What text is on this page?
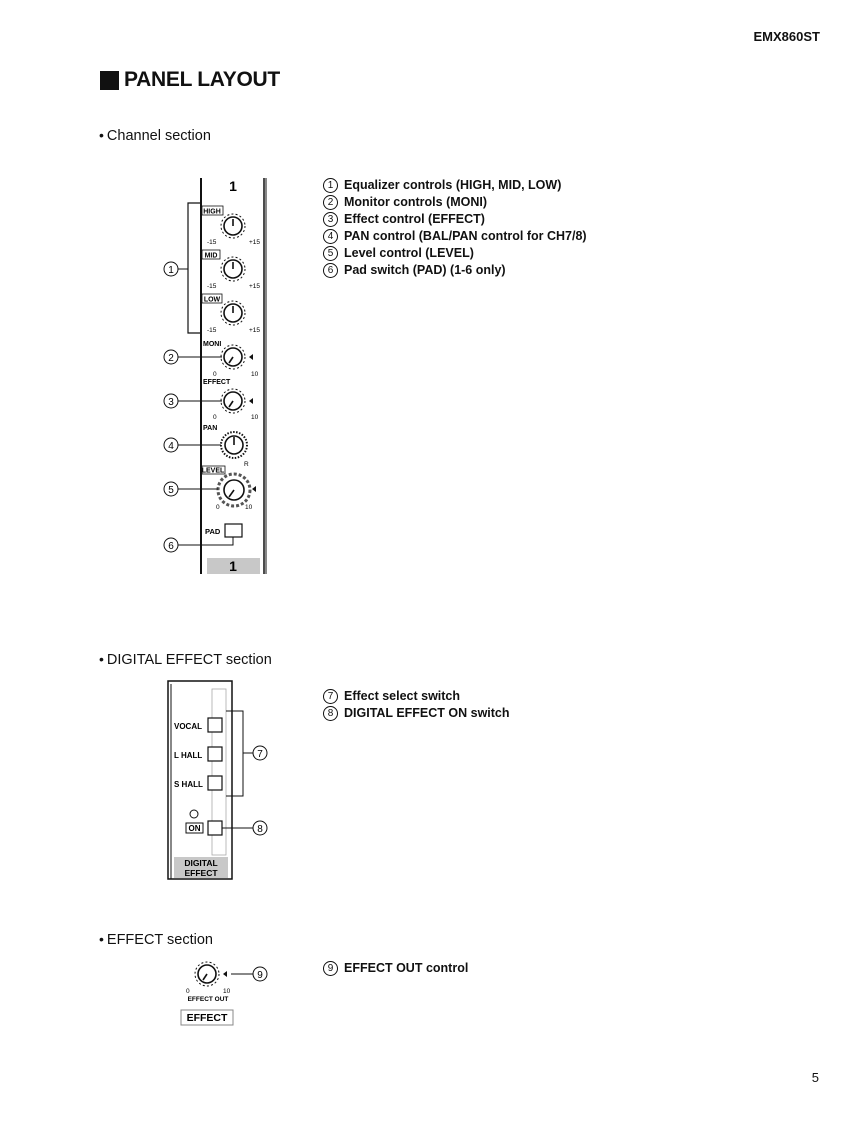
EMX860ST
PANEL LAYOUT
• Channel section
• DIGITAL EFFECT section
• EFFECT section
1 Equalizer controls (HIGH, MID, LOW)
2 Monitor controls (MONI)
3 Effect control (EFFECT)
4 PAN control (BAL/PAN control for CH7/8)
5 Level control (LEVEL)
6 Pad switch (PAD) (1-6 only)
7 Effect select switch
8 DIGITAL EFFECT ON switch
9 EFFECT OUT control
1
HIGH
-15	+15
MID
-15	+15
LOW
-15	+15
MONI
0	10
EFFECT
0	10
PAN
R
LEVEL
0	10
PAD
1
1
2
3
4
5
6
VOCAL
L HALL
S HALL
ON
DIGITAL
EFFECT
7
8
0	10
EFFECT OUT
EFFECT
9
5
